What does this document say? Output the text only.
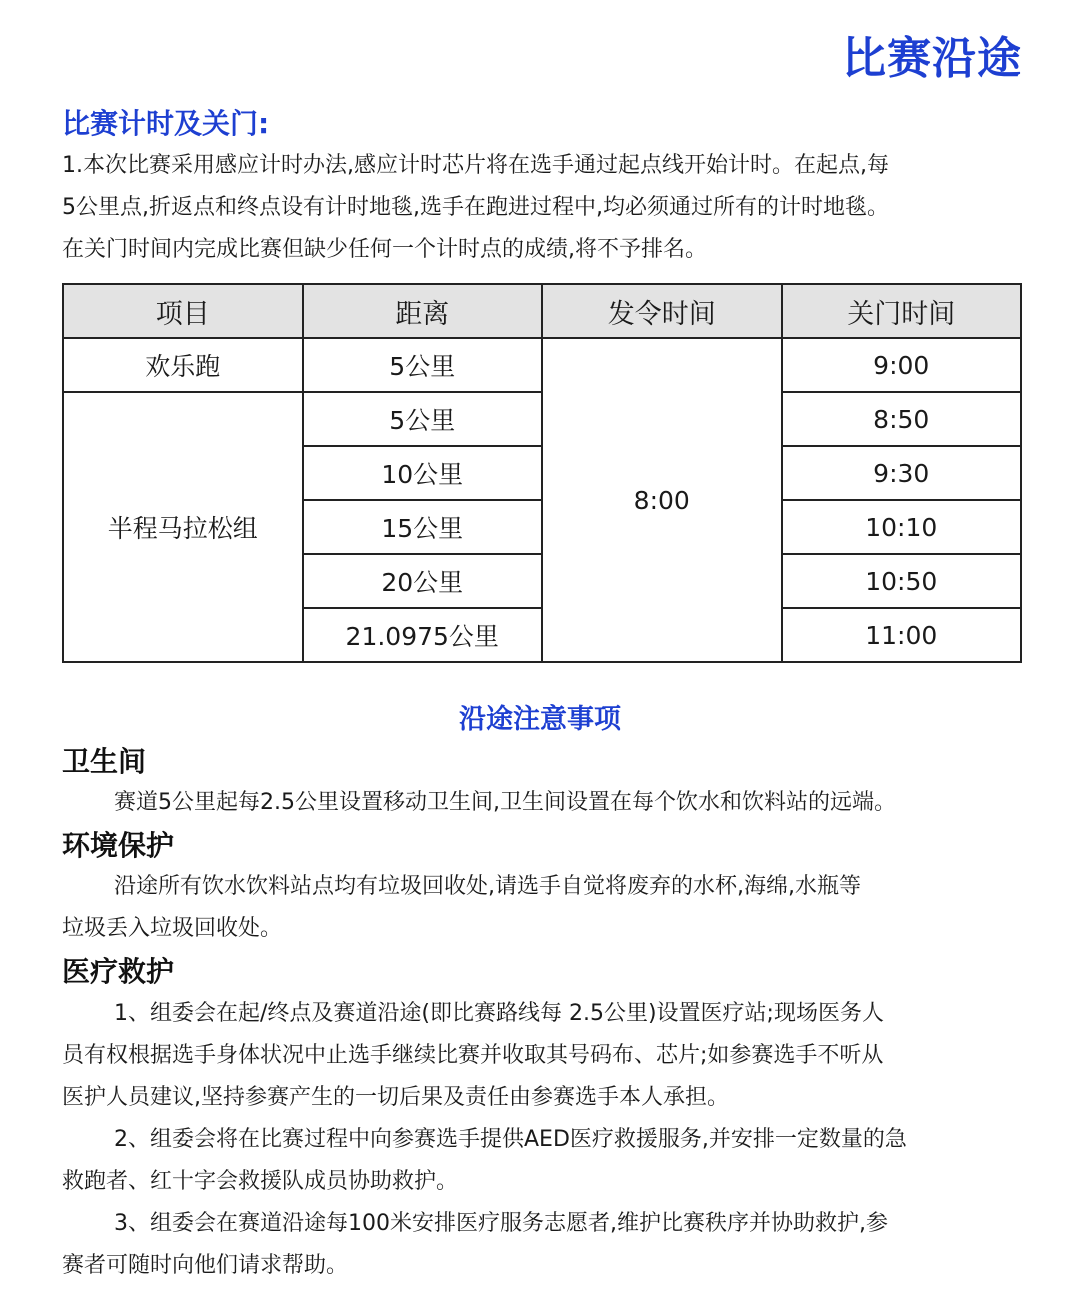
比赛沿途
比赛计时及关门:
1.本次比赛采用感应计时办法,感应计时芯片将在选手通过起点线开始计时。在起点,每
5公里点,折返点和终点设有计时地毯,选手在跑进过程中,均必须通过所有的计时地毯。
在关门时间内完成比赛但缺少任何一个计时点的成绩,将不予排名。
项目	距离	发令时间	关门时间
欢乐跑	5公里	8:00	9:00
半程马拉松组	5公里		8:50
	10公里		9:30
	15公里		10:10
	20公里		10:50
	21.0975公里		11:00
沿途注意事项
卫生间
赛道5公里起每2.5公里设置移动卫生间,卫生间设置在每个饮水和饮料站的远端。
环境保护
沿途所有饮水饮料站点均有垃圾回收处,请选手自觉将废弃的水杯,海绵,水瓶等
垃圾丢入垃圾回收处。
医疗救护
1、组委会在起/终点及赛道沿途(即比赛路线每 2.5公里)设置医疗站;现场医务人
员有权根据选手身体状况中止选手继续比赛并收取其号码布、芯片;如参赛选手不听从
医护人员建议,坚持参赛产生的一切后果及责任由参赛选手本人承担。
2、组委会将在比赛过程中向参赛选手提供AED医疗救援服务,并安排一定数量的急
救跑者、红十字会救援队成员协助救护。
3、组委会在赛道沿途每100米安排医疗服务志愿者,维护比赛秩序并协助救护,参
赛者可随时向他们请求帮助。
